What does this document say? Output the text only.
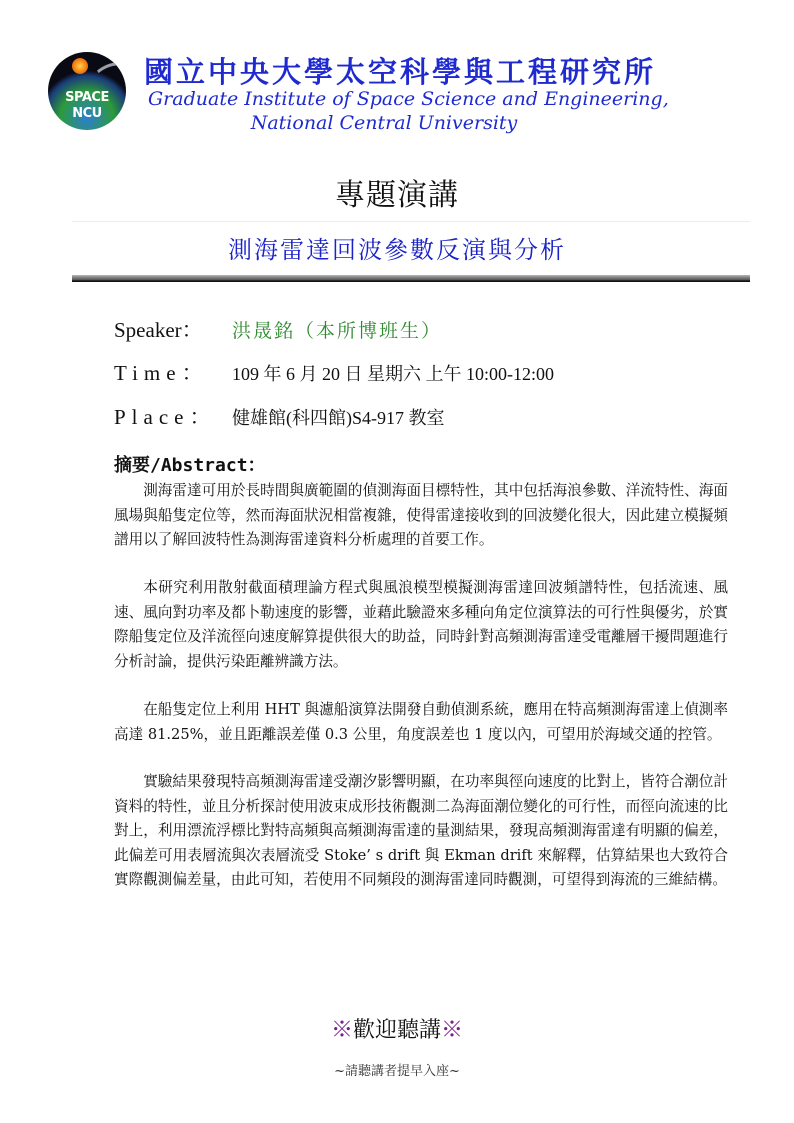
SPACE
NCU
國立中央大學太空科學與工程研究所
Graduate Institute of Space Science and Engineering,
National Central University
專題演講
測海雷達回波參數反演與分析
Speaker： 洪晟銘（本所博班生）
Time： 109 年 6 月 20 日 星期六 上午 10:00-12:00
Place： 健雄館(科四館)S4-917 教室
摘要/Abstract：
測海雷達可用於長時間與廣範圍的偵測海面目標特性，其中包括海浪參數、洋流特性、海面風場與船隻定位等，然而海面狀況相當複雜，使得雷達接收到的回波變化很大，因此建立模擬頻譜用以了解回波特性為測海雷達資料分析處理的首要工作。
本研究利用散射截面積理論方程式與風浪模型模擬測海雷達回波頻譜特性，包括流速、風速、風向對功率及都卜勒速度的影響，並藉此驗證來多種向角定位演算法的可行性與優劣，於實際船隻定位及洋流徑向速度解算提供很大的助益，同時針對高頻測海雷達受電離層干擾問題進行分析討論，提供污染距離辨識方法。
在船隻定位上利用 HHT 與濾船演算法開發自動偵測系統，應用在特高頻測海雷達上偵測率高達 81.25%，並且距離誤差僅 0.3 公里，角度誤差也 1 度以內，可望用於海域交通的控管。
實驗結果發現特高頻測海雷達受潮汐影響明顯，在功率與徑向速度的比對上，皆符合潮位計資料的特性，並且分析探討使用波束成形技術觀測二為海面潮位變化的可行性，而徑向流速的比對上，利用漂流浮標比對特高頻與高頻測海雷達的量測結果，發現高頻測海雷達有明顯的偏差，此偏差可用表層流與次表層流受 Stoke’ s drift 與 Ekman drift 來解釋，估算結果也大致符合實際觀測偏差量，由此可知，若使用不同頻段的測海雷達同時觀測，可望得到海流的三維結構。
※歡迎聽講※
~請聽講者提早入座~
